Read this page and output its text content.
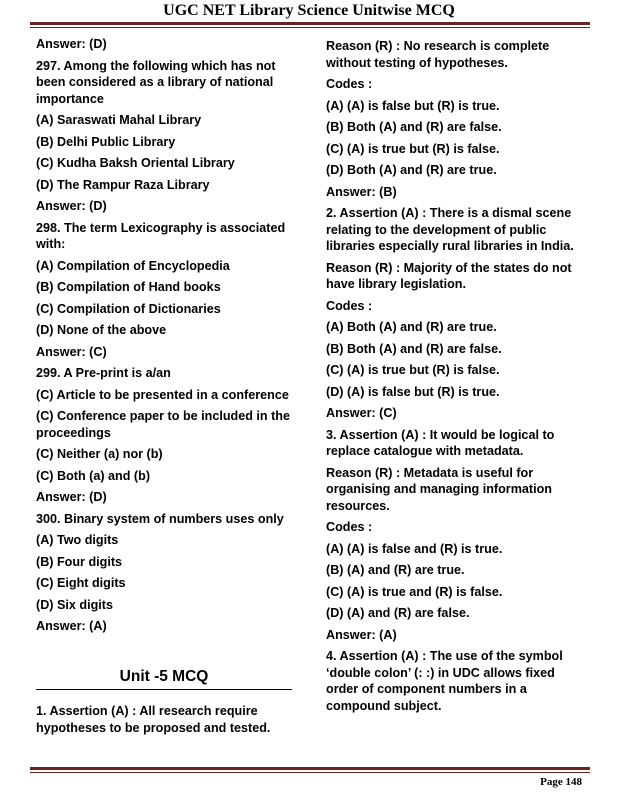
UGC NET Library Science Unitwise MCQ
Answer: (D)
297. Among the following which has not been considered as a library of national importance
(A) Saraswati Mahal Library
(B) Delhi Public Library
(C) Kudha Baksh Oriental Library
(D) The Rampur Raza Library
Answer: (D)
298. The term Lexicography is associated with:
(A) Compilation of Encyclopedia
(B) Compilation of Hand books
(C) Compilation of Dictionaries
(D) None of the above
Answer: (C)
299. A Pre-print is a/an
(C) Article to be presented in a conference
(C) Conference paper to be included in the proceedings
(C) Neither (a) nor (b)
(C) Both (a) and (b)
Answer: (D)
300. Binary system of numbers uses only
(A) Two digits
(B) Four digits
(C) Eight digits
(D) Six digits
Answer: (A)
Unit -5 MCQ
1. Assertion (A) : All research require hypotheses to be proposed and tested.
Reason (R) : No research is complete without testing of hypotheses.
Codes :
(A) (A) is false but (R) is true.
(B) Both (A) and (R) are false.
(C) (A) is true but (R) is false.
(D) Both (A) and (R) are true.
Answer: (B)
2. Assertion (A) : There is a dismal scene relating to the development of public libraries especially rural libraries in India.
Reason (R) : Majority of the states do not have library legislation.
Codes :
(A) Both (A) and (R) are true.
(B) Both (A) and (R) are false.
(C) (A) is true but (R) is false.
(D) (A) is false but (R) is true.
Answer: (C)
3. Assertion (A) : It would be logical to replace catalogue with metadata.
Reason (R) : Metadata is useful for organising and managing information resources.
Codes :
(A) (A) is false and (R) is true.
(B) (A) and (R) are true.
(C) (A) is true and (R) is false.
(D) (A) and (R) are false.
Answer: (A)
4. Assertion (A) : The use of the symbol ‘double colon’ (: :) in UDC allows fixed order of component numbers in a compound subject.
Page 148
